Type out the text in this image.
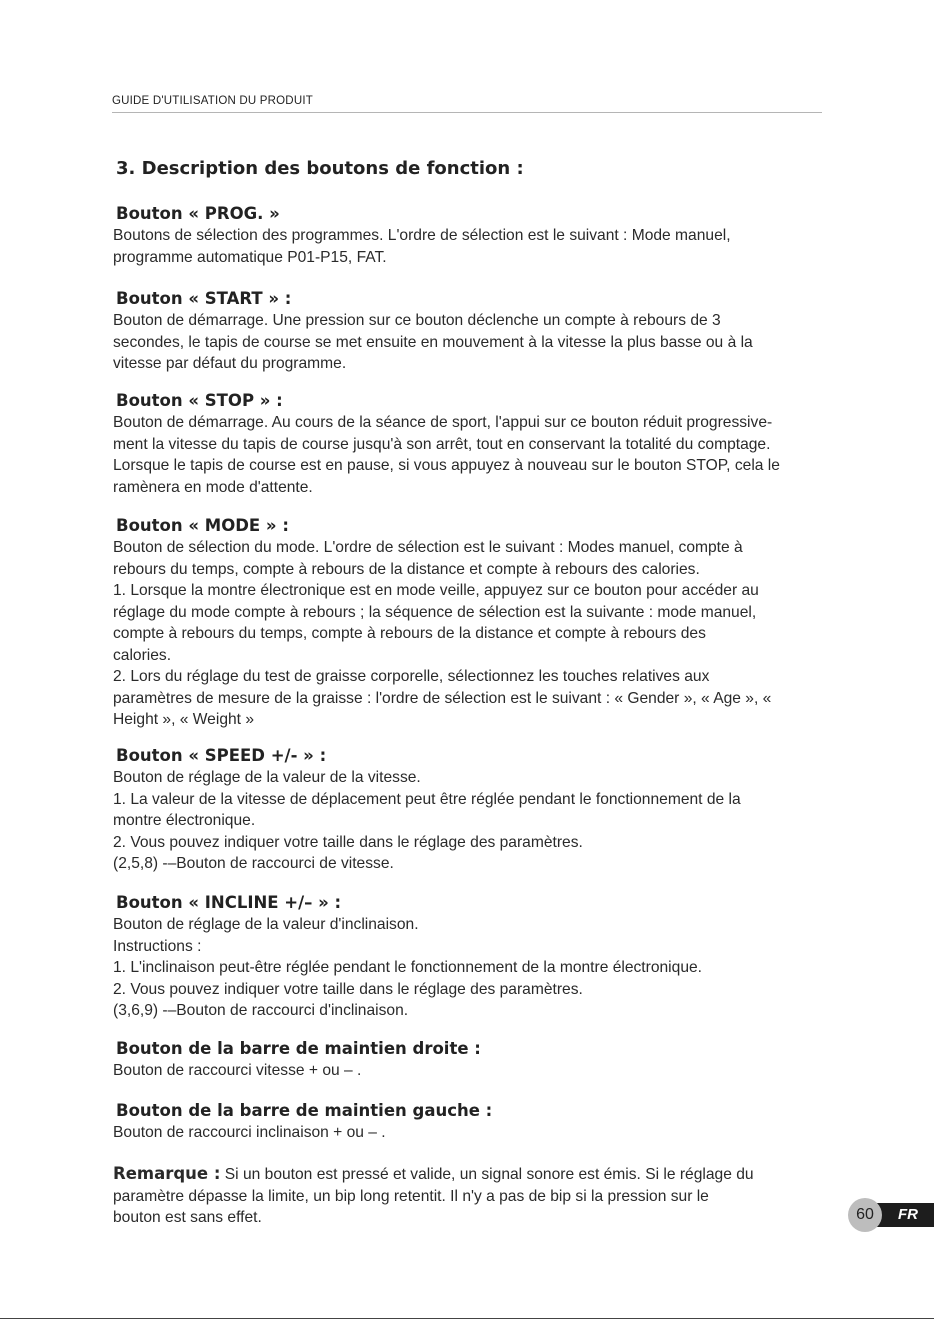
GUIDE D'UTILISATION DU PRODUIT
3. Description des boutons de fonction :
Bouton « PROG. »
Boutons de sélection des programmes. L'ordre de sélection est le suivant : Mode manuel,
programme automatique P01-P15, FAT.
Bouton « START » :
Bouton de démarrage. Une pression sur ce bouton déclenche un compte à rebours de 3
secondes, le tapis de course se met ensuite en mouvement à la vitesse la plus basse ou à la
vitesse par défaut du programme.
Bouton « STOP » :
Bouton de démarrage. Au cours de la séance de sport, l'appui sur ce bouton réduit progressive-
ment la vitesse du tapis de course jusqu'à son arrêt, tout en conservant la totalité du comptage.
Lorsque le tapis de course est en pause, si vous appuyez à nouveau sur le bouton STOP, cela le
ramènera en mode d'attente.
Bouton « MODE » :
Bouton de sélection du mode. L'ordre de sélection est le suivant : Modes manuel, compte à
rebours du temps, compte à rebours de la distance et compte à rebours des calories.
1. Lorsque la montre électronique est en mode veille, appuyez sur ce bouton pour accéder au
réglage du mode compte à rebours ; la séquence de sélection est la suivante : mode manuel,
compte à rebours du temps, compte à rebours de la distance et compte à rebours des
calories.
2. Lors du réglage du test de graisse corporelle, sélectionnez les touches relatives aux
paramètres de mesure de la graisse : l'ordre de sélection est le suivant : « Gender », « Age », «
Height », « Weight »
Bouton « SPEED +/- » :
Bouton de réglage de la valeur de la vitesse.
1. La valeur de la vitesse de déplacement peut être réglée pendant le fonctionnement de la
montre électronique.
2. Vous pouvez indiquer votre taille dans le réglage des paramètres.
(2,5,8) -–Bouton de raccourci de vitesse.
Bouton « INCLINE +/– » :
Bouton de réglage de la valeur d'inclinaison.
Instructions :
1. L'inclinaison peut-être réglée pendant le fonctionnement de la montre électronique.
2. Vous pouvez indiquer votre taille dans le réglage des paramètres.
(3,6,9) -–Bouton de raccourci d'inclinaison.
Bouton de la barre de maintien droite :
Bouton de raccourci vitesse + ou – .
Bouton de la barre de maintien gauche :
Bouton de raccourci inclinaison + ou – .
Remarque : Si un bouton est pressé et valide, un signal sonore est émis. Si le réglage du
paramètre dépasse la limite, un bip long retentit. Il n'y a pas de bip si la pression sur le
bouton est sans effet.	FR
60
